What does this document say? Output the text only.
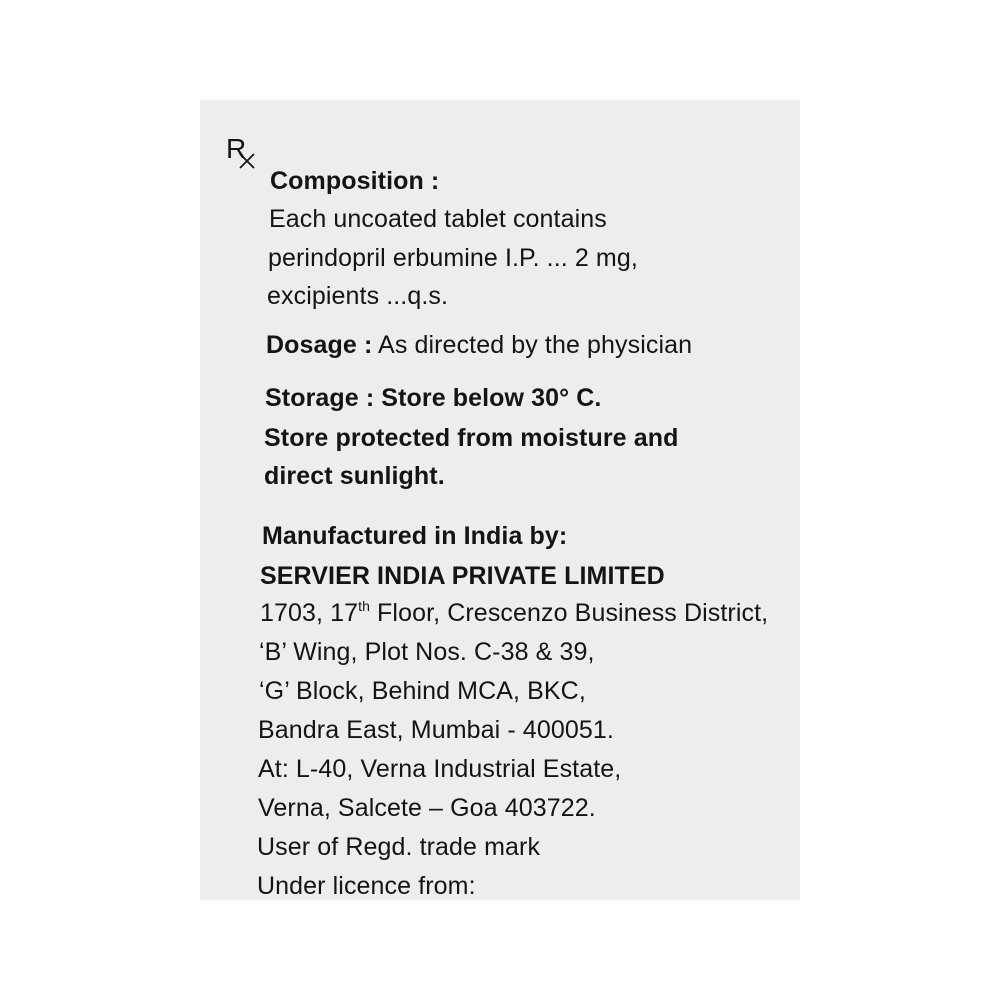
R
Composition :
Each uncoated tablet contains
perindopril erbumine I.P. ... 2 mg,
excipients ...q.s.
Dosage : As directed by the physician
Storage : Store below 30° C.
Store protected from moisture and
direct sunlight.
Manufactured in India by:
SERVIER INDIA PRIVATE LIMITED
1703, 17th Floor, Crescenzo Business District,
‘B’ Wing, Plot Nos. C-38 & 39,
‘G’ Block, Behind MCA, BKC,
Bandra East, Mumbai - 400051.
At: L-40, Verna Industrial Estate,
Verna, Salcete – Goa 403722.
User of Regd. trade mark
Under licence from:
